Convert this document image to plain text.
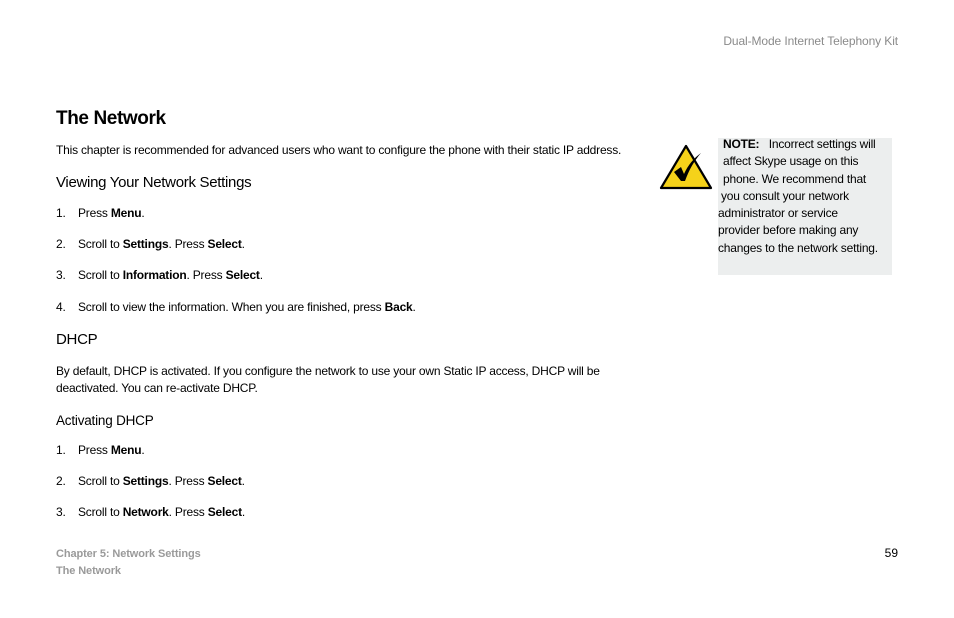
Dual-Mode Internet Telephony Kit
The Network
This chapter is recommended for advanced users who want to configure the phone with their static IP address.
Viewing Your Network Settings
1.	Press Menu.
2.	Scroll to Settings. Press Select.
3.	Scroll to Information. Press Select.
4.	Scroll to view the information. When you are finished, press Back.
DHCP
By default, DHCP is activated. If you configure the network to use your own Static IP access, DHCP will be
deactivated. You can re-activate DHCP.
Activating DHCP
1.	Press Menu.
2.	Scroll to Settings. Press Select.
3.	Scroll to Network. Press Select.
NOTE: Incorrect settings will
affect Skype usage on this
phone. We recommend that
you consult your network
administrator or service
provider before making any
changes to the network setting.
Chapter 5: Network Settings
The Network
59
